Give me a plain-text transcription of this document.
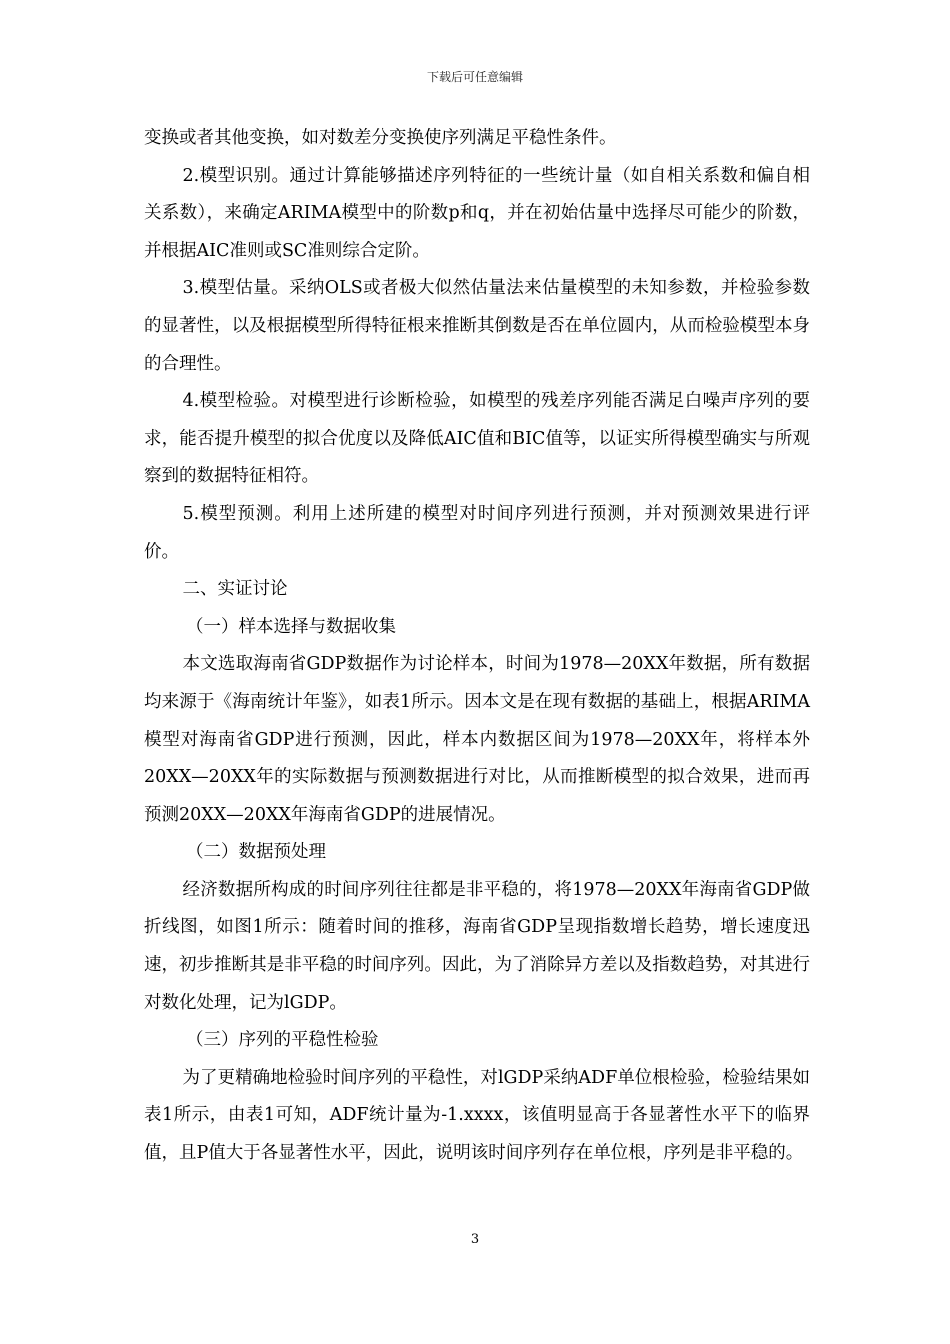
下载后可任意编辑

变换或者其他变换，如对数差分变换使序列满足平稳性条件。

2.模型识别。通过计算能够描述序列特征的一些统计量（如自相关系数和偏自相关系数），来确定ARIMA模型中的阶数p和q，并在初始估量中选择尽可能少的阶数，并根据AIC准则或SC准则综合定阶。

3.模型估量。采纳OLS或者极大似然估量法来估量模型的未知参数，并检验参数的显著性，以及根据模型所得特征根来推断其倒数是否在单位圆内，从而检验模型本身的合理性。

4.模型检验。对模型进行诊断检验，如模型的残差序列能否满足白噪声序列的要求，能否提升模型的拟合优度以及降低AIC值和BIC值等，以证实所得模型确实与所观察到的数据特征相符。

5.模型预测。利用上述所建的模型对时间序列进行预测，并对预测效果进行评价。

二、实证讨论

（一）样本选择与数据收集

本文选取海南省GDP数据作为讨论样本，时间为1978—20XX年数据，所有数据均来源于《海南统计年鉴》，如表1所示。因本文是在现有数据的基础上，根据ARIMA模型对海南省GDP进行预测，因此，样本内数据区间为1978—20XX年，将样本外20XX—20XX年的实际数据与预测数据进行对比，从而推断模型的拟合效果，进而再预测20XX—20XX年海南省GDP的进展情况。

（二）数据预处理

经济数据所构成的时间序列往往都是非平稳的，将1978—20XX年海南省GDP做折线图，如图1所示：随着时间的推移，海南省GDP呈现指数增长趋势，增长速度迅速，初步推断其是非平稳的时间序列。因此，为了消除异方差以及指数趋势，对其进行对数化处理，记为lGDP。

（三）序列的平稳性检验

为了更精确地检验时间序列的平稳性，对lGDP采纳ADF单位根检验，检验结果如表1所示，由表1可知，ADF统计量为-1.xxxx，该值明显高于各显著性水平下的临界值，且P值大于各显著性水平，因此，说明该时间序列存在单位根，序列是非平稳的。

3
